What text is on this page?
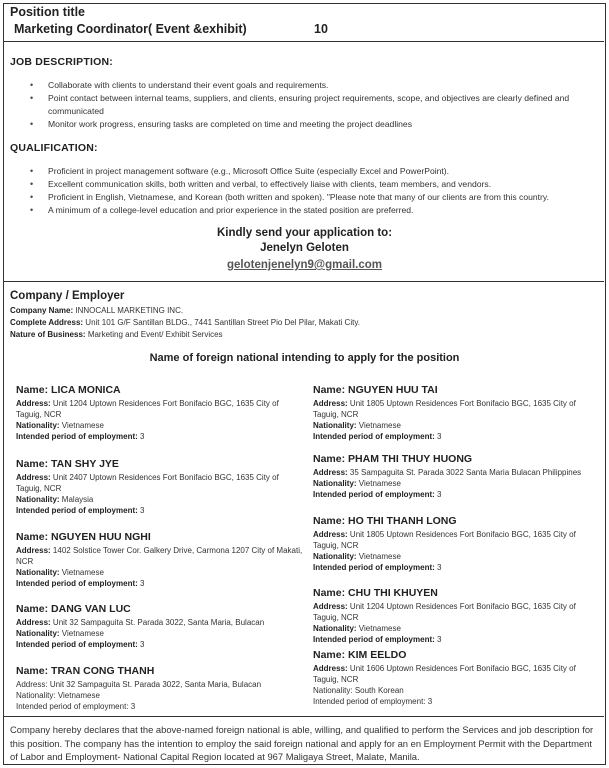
Position title
Marketing Coordinator( Event &exhibit)	10
JOB DESCRIPTION:
• Collaborate with clients to understand their event goals and requirements.
• Point contact between internal teams, suppliers, and clients, ensuring project requirements, scope, and objectives are clearly defined and communicated
• Monitor work progress, ensuring tasks are completed on time and meeting the project deadlines
QUALIFICATION:
• Proficient in project management software (e.g., Microsoft Office Suite (especially Excel and PowerPoint).
• Excellent communication skills, both written and verbal, to effectively liaise with clients, team members, and vendors.
• Proficient in English, Vietnamese, and Korean (both written and spoken). "Please note that many of our clients are from this country.
• A minimum of a college-level education and prior experience in the stated position are preferred.
Kindly send your application to:
Jenelyn Geloten
gelotenjenelyn9@gmail.com
Company / Employer
Company Name: INNOCALL MARKETING INC.
Complete Address: Unit 101 G/F Santillan BLDG., 7441 Santillan Street Pio Del Pilar, Makati City.
Nature of Business: Marketing and Event/ Exhibit Services
Name of foreign national intending to apply for the position
Name: LICA MONICA
Address: Unit 1204 Uptown Residences Fort Bonifacio BGC, 1635 City of Taguig, NCR
Nationality: Vietnamese
Intended period of employment: 3
Name: TAN SHY JYE
Address: Unit 2407 Uptown Residences Fort Bonifacio BGC, 1635 City of Taguig, NCR
Nationality: Malaysia
Intended period of employment: 3
Name: NGUYEN HUU NGHI
Address: 1402 Solstice Tower Cor. Galkery Drive, Carmona 1207 City of Makati, NCR
Nationality: Vietnamese
Intended period of employment: 3
Name: DANG VAN LUC
Address: Unit 32 Sampaguita St. Parada 3022, Santa Maria, Bulacan
Nationality: Vietnamese
Intended period of employment: 3
Name: TRAN CONG THANH
Address: Unit 32 Sampaguita St. Parada 3022, Santa Maria, Bulacan
Nationality: Vietnamese
Intended period of employment: 3
Name: NGUYEN HUU TAI
Address: Unit 1805 Uptown Residences Fort Bonifacio BGC, 1635 City of Taguig, NCR
Nationality: Vietnamese
Intended period of employment: 3
Name: PHAM THI THUY HUONG
Address: 35 Sampaguita St. Parada 3022 Santa Maria Bulacan Philippines
Nationality: Vietnamese
Intended period of employment: 3
Name: HO THI THANH LONG
Address: Unit 1805 Uptown Residences Fort Bonifacio BGC, 1635 City of Taguig, NCR
Nationality: Vietnamese
Intended period of employment: 3
Name: CHU THI KHUYEN
Address: Unit 1204 Uptown Residences Fort Bonifacio BGC, 1635 City of Taguig, NCR
Nationality: Vietnamese
Intended period of employment: 3
Name: KIM EELDO
Address: Unit 1606 Uptown Residences Fort Bonifacio BGC, 1635 City of Taguig, NCR
Nationality: South Korean
Intended period of employment: 3
Company hereby declares that the above-named foreign national is able, willing, and qualified to perform the Services and job description for this position. The company has the intention to employ the said foreign national and apply for an en Employment Permit with the Department of Labor and Employment- National Capital Region located at 967 Maligaya Street, Malate, Manila.
